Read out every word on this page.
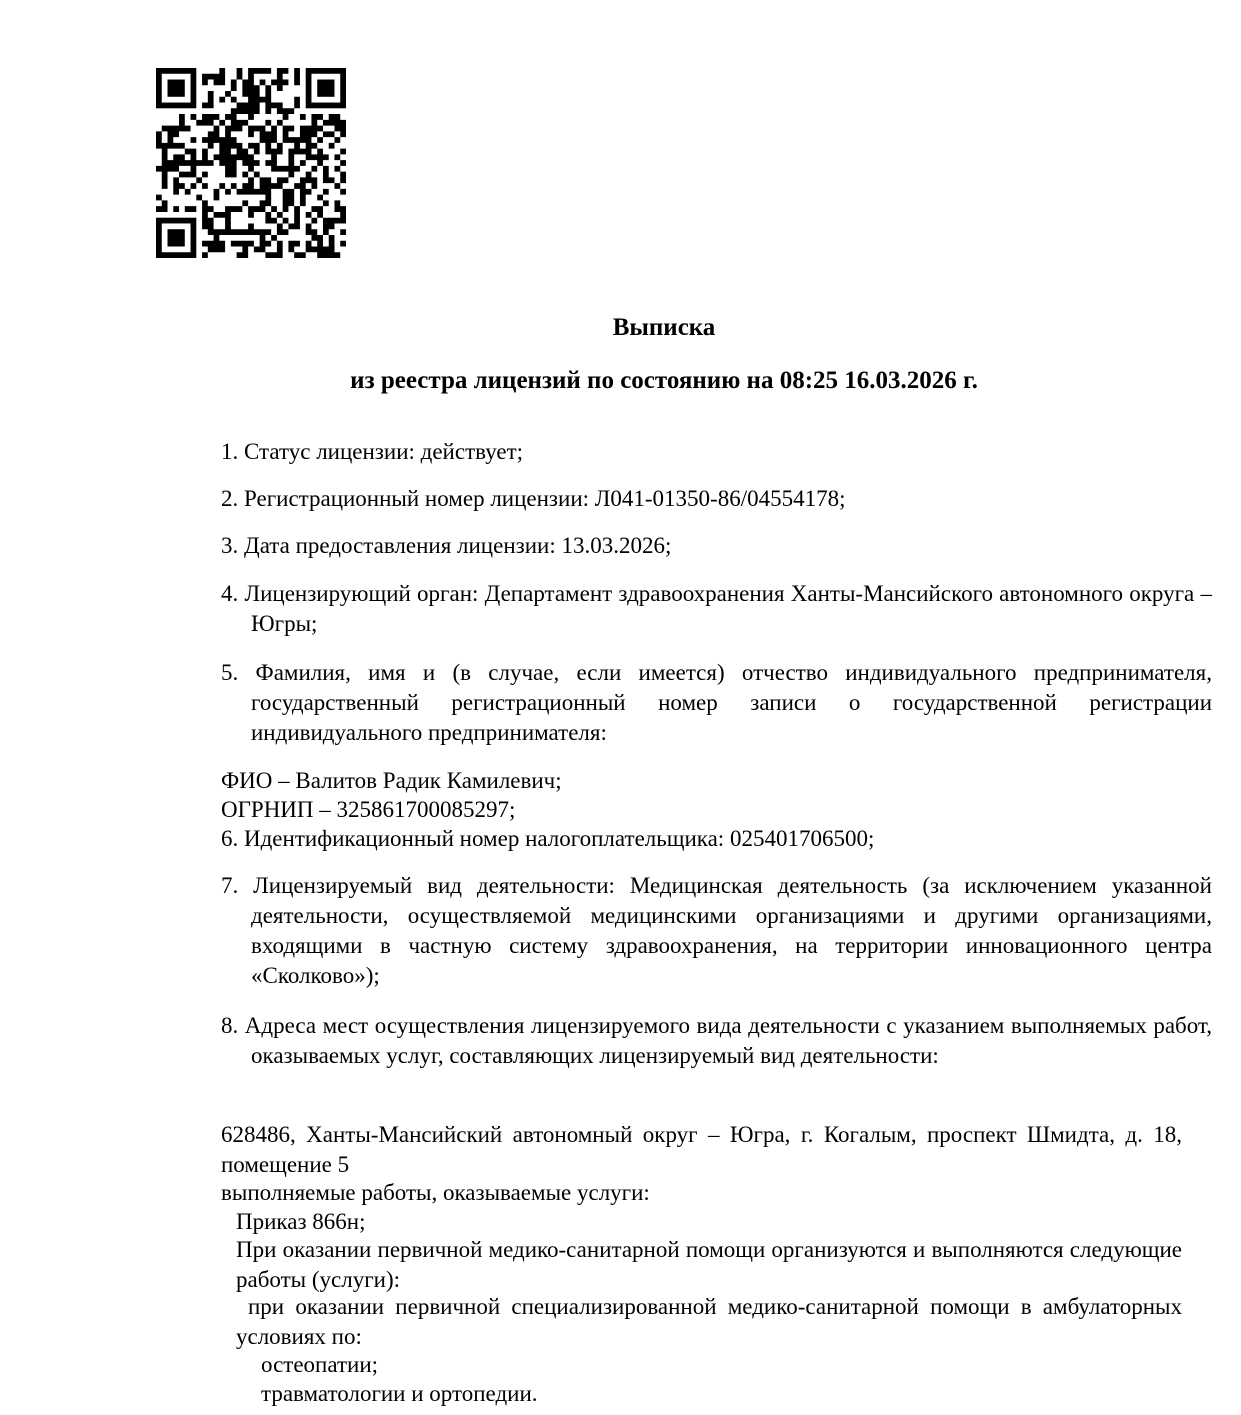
Выписка
из реестра лицензий по состоянию на 08:25 16.03.2026 г.
1. Статус лицензии: действует;
2. Регистрационный номер лицензии: Л041-01350-86/04554178;
3. Дата предоставления лицензии: 13.03.2026;
4. Лицензирующий орган: Департамент здравоохранения Ханты-Мансийского автономного округа – Югры;
5. Фамилия, имя и (в случае, если имеется) отчество индивидуального предпринимателя, государственный регистрационный номер записи о государственной регистрации индивидуального предпринимателя:
ФИО – Валитов Радик Камилевич;
ОГРНИП – 325861700085297;
6. Идентификационный номер налогоплательщика: 025401706500;
7. Лицензируемый вид деятельности: Медицинская деятельность (за исключением указанной деятельности, осуществляемой медицинскими организациями и другими организациями, входящими в частную систему здравоохранения, на территории инновационного центра «Сколково»);
8. Адреса мест осуществления лицензируемого вида деятельности с указанием выполняемых работ, оказываемых услуг, составляющих лицензируемый вид деятельности:
628486, Ханты-Мансийский автономный округ – Югра, г. Когалым, проспект Шмидта, д. 18, помещение 5
выполняемые работы, оказываемые услуги:
Приказ 866н;
При оказании первичной медико-санитарной помощи организуются и выполняются следующие работы (услуги):
при оказании первичной специализированной медико-санитарной помощи в амбулаторных условиях по:
остеопатии;
травматологии и ортопедии.
